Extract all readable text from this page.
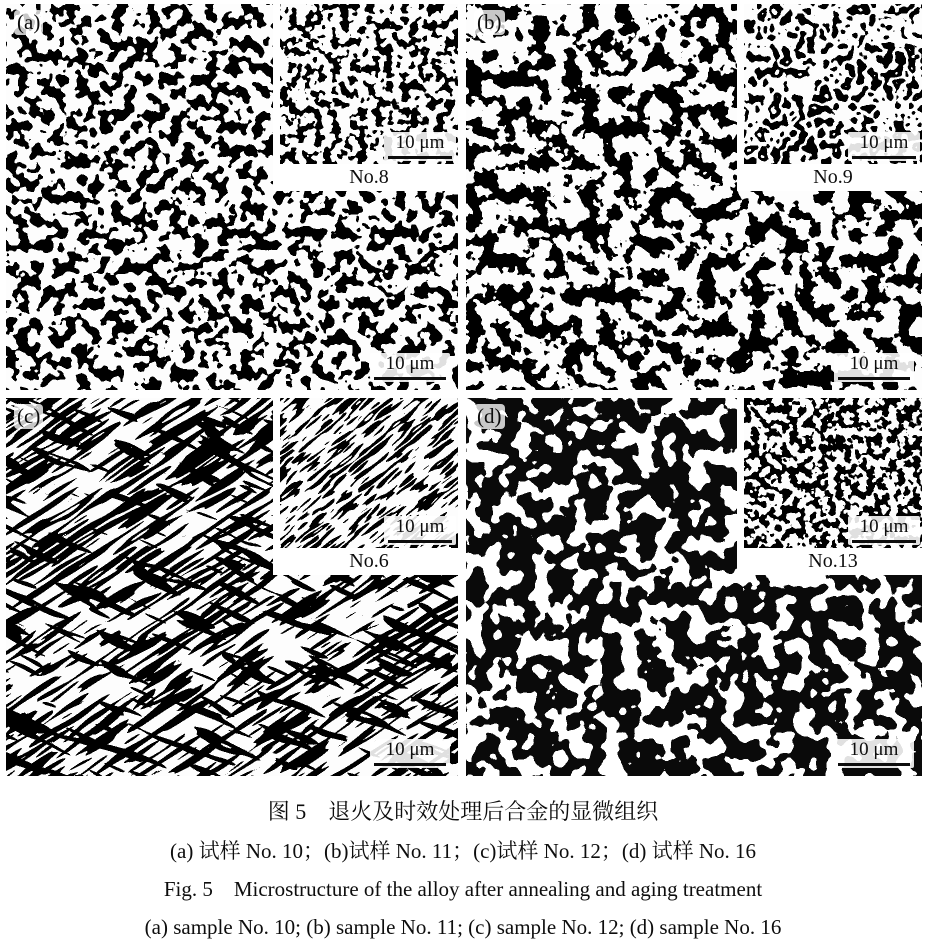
(a)
10 μm
No.8
10 μm
(b)
10 μm
No.9
10 μm
(c)
10 μm
No.6
10 μm
(d)
10 μm
No.13
10 μm

图 5　退火及时效处理后合金的显微组织

(a) 试样 No. 10；(b)试样 No. 11；(c)试样 No. 12；(d) 试样 No. 16

Fig. 5　Microstructure of the alloy after annealing and aging treatment

(a) sample No. 10; (b) sample No. 11; (c) sample No. 12; (d) sample No. 16
